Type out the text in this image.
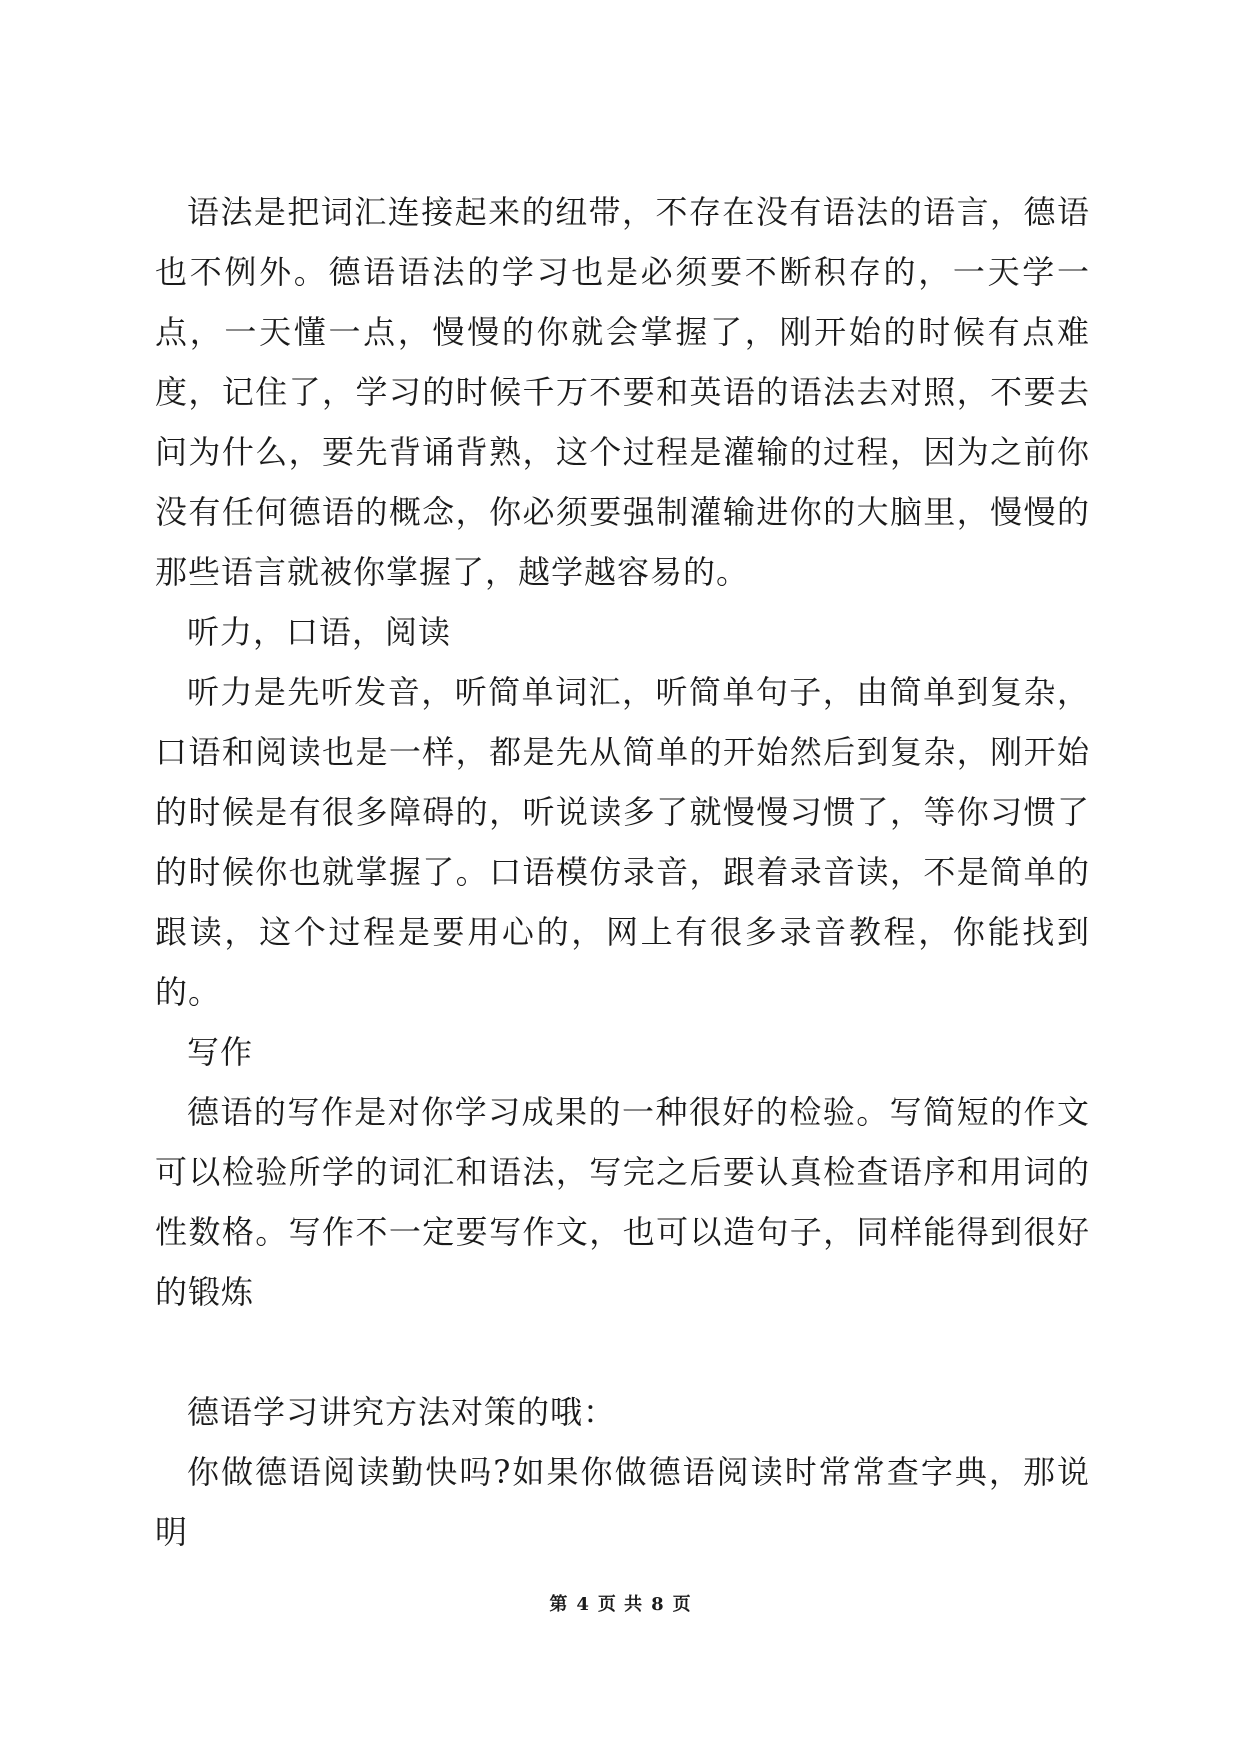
语法是把词汇连接起来的纽带，不存在没有语法的语言，德语也不例外。德语语法的学习也是必须要不断积存的，一天学一点，一天懂一点，慢慢的你就会掌握了，刚开始的时候有点难度，记住了，学习的时候千万不要和英语的语法去对照，不要去问为什么，要先背诵背熟，这个过程是灌输的过程，因为之前你没有任何德语的概念，你必须要强制灌输进你的大脑里，慢慢的那些语言就被你掌握了，越学越容易的。

听力，口语，阅读

听力是先听发音，听简单词汇，听简单句子，由简单到复杂，口语和阅读也是一样，都是先从简单的开始然后到复杂，刚开始的时候是有很多障碍的，听说读多了就慢慢习惯了，等你习惯了的时候你也就掌握了。口语模仿录音，跟着录音读，不是简单的跟读，这个过程是要用心的，网上有很多录音教程，你能找到的。

写作

德语的写作是对你学习成果的一种很好的检验。写简短的作文可以检验所学的词汇和语法，写完之后要认真检查语序和用词的性数格。写作不一定要写作文，也可以造句子，同样能得到很好的锻炼

德语学习讲究方法对策的哦：

你做德语阅读勤快吗?如果你做德语阅读时常常查字典，那说明

第 4 页 共 8 页
